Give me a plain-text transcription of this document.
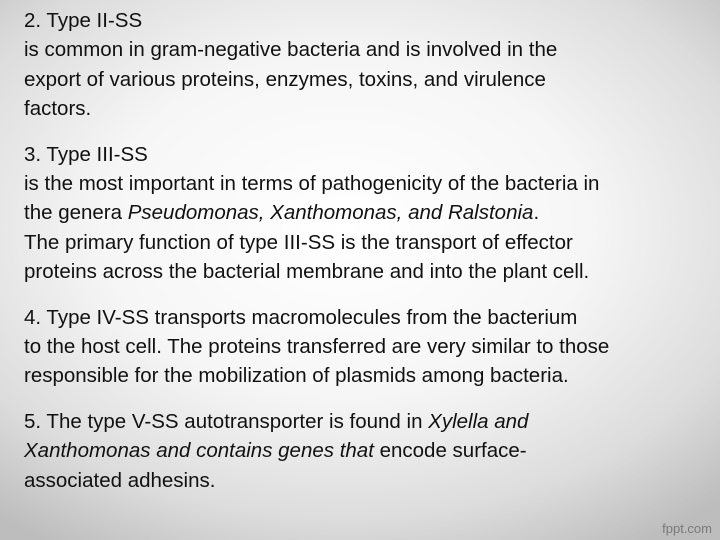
2. Type II-SS
is common in gram-negative bacteria and is involved in the
export of various proteins, enzymes, toxins, and virulence
factors.

3. Type III-SS
is the most important in terms of pathogenicity of the bacteria in
the genera Pseudomonas, Xanthomonas, and Ralstonia.
The primary function of type III-SS is the transport of effector
proteins across the bacterial membrane and into the plant cell.

4. Type IV-SS transports macromolecules from the bacterium
to the host cell. The proteins transferred are very similar to those
responsible for the mobilization of plasmids among bacteria.

5. The type V-SS autotransporter is found in Xylella and
Xanthomonas and contains genes that encode surface-
associated adhesins.

fppt.com
